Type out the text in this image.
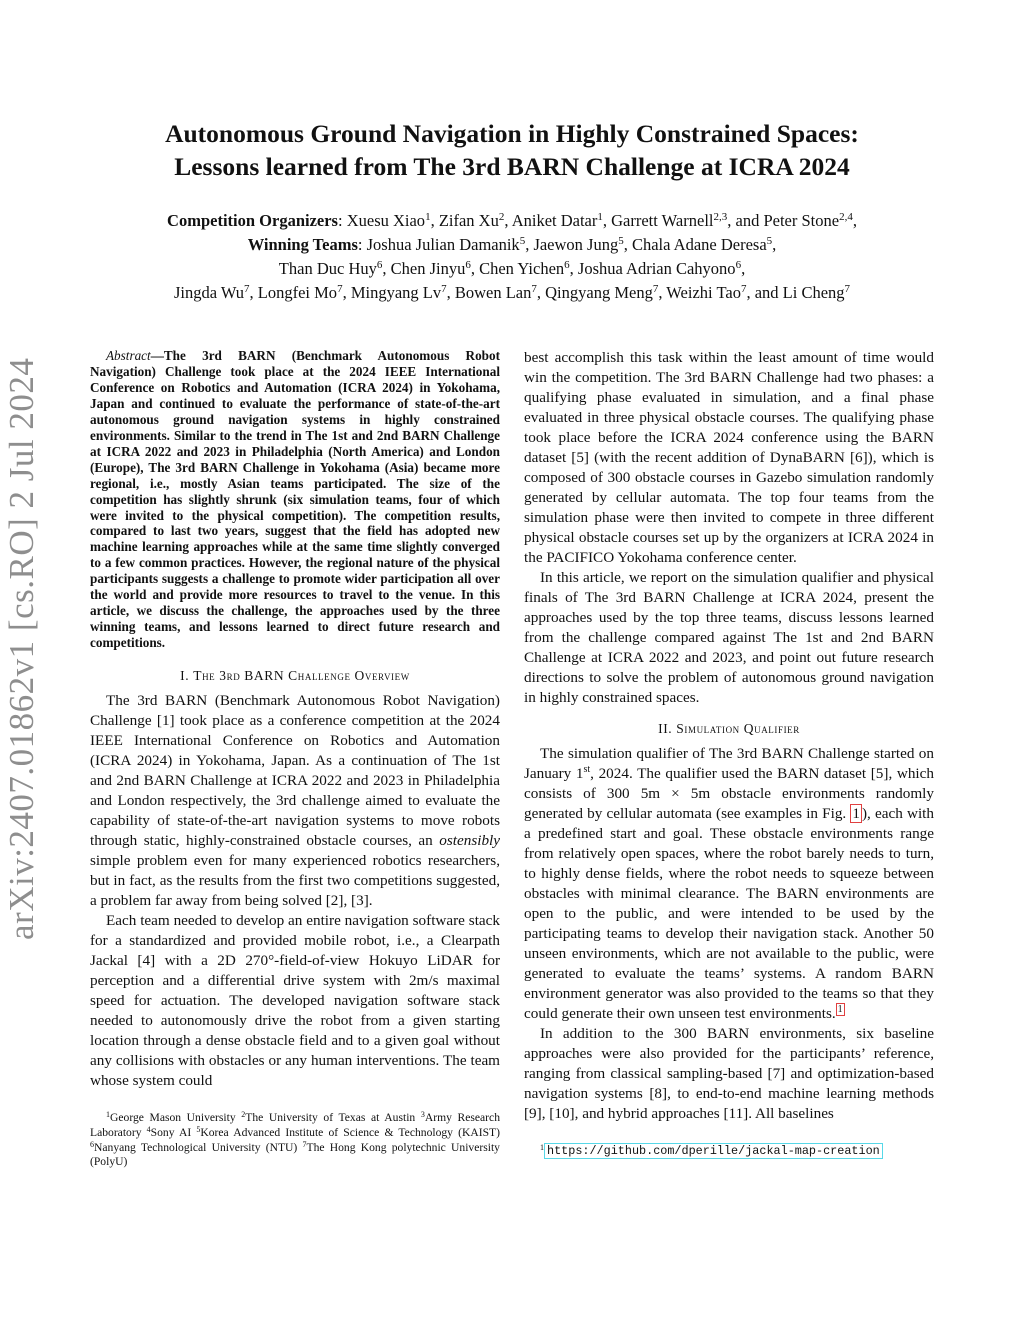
arXiv:2407.01862v1 [cs.RO] 2 Jul 2024
Autonomous Ground Navigation in Highly Constrained Spaces:
Lessons learned from The 3rd BARN Challenge at ICRA 2024
Competition Organizers: Xuesu Xiao$^1$, Zifan Xu$^2$, Aniket Datar$^1$, Garrett Warnell$^{2,3}$, and Peter Stone$^{2,4}$,
Winning Teams: Joshua Julian Damanik$^5$, Jaewon Jung$^5$, Chala Adane Deresa$^5$,
Than Duc Huy$^6$, Chen Jinyu$^6$, Chen Yichen$^6$, Joshua Adrian Cahyono$^6$,
Jingda Wu$^7$, Longfei Mo$^7$, Mingyang Lv$^7$, Bowen Lan$^7$, Qingyang Meng$^7$, Weizhi Tao$^7$, and Li Cheng$^7$

Abstract—The 3rd BARN (Benchmark Autonomous Robot Navigation) Challenge took place at the 2024 IEEE International Conference on Robotics and Automation (ICRA 2024) in Yokohama, Japan and continued to evaluate the performance of state-of-the-art autonomous ground navigation systems in highly constrained environments. Similar to the trend in The 1st and 2nd BARN Challenge at ICRA 2022 and 2023 in Philadelphia (North America) and London (Europe), The 3rd BARN Challenge in Yokohama (Asia) became more regional, i.e., mostly Asian teams participated. The size of the competition has slightly shrunk (six simulation teams, four of which were invited to the physical competition). The competition results, compared to last two years, suggest that the field has adopted new machine learning approaches while at the same time slightly converged to a few common practices. However, the regional nature of the physical participants suggests a challenge to promote wider participation all over the world and provide more resources to travel to the venue. In this article, we discuss the challenge, the approaches used by the three winning teams, and lessons learned to direct future research and competitions.

I. The 3rd BARN Challenge Overview

The 3rd BARN (Benchmark Autonomous Robot Navigation) Challenge [1] took place as a conference competition at the 2024 IEEE International Conference on Robotics and Automation (ICRA 2024) in Yokohama, Japan. As a continuation of The 1st and 2nd BARN Challenge at ICRA 2022 and 2023 in Philadelphia and London respectively, the 3rd challenge aimed to evaluate the capability of state-of-the-art navigation systems to move robots through static, highly-constrained obstacle courses, an ostensibly simple problem even for many experienced robotics researchers, but in fact, as the results from the first two competitions suggested, a problem far away from being solved [2], [3].

Each team needed to develop an entire navigation software stack for a standardized and provided mobile robot, i.e., a Clearpath Jackal [4] with a 2D 270°-field-of-view Hokuyo LiDAR for perception and a differential drive system with 2m/s maximal speed for actuation. The developed navigation software stack needed to autonomously drive the robot from a given starting location through a dense obstacle field and to a given goal without any collisions with obstacles or any human interventions. The team whose system could

$^1$George Mason University $^2$The University of Texas at Austin $^3$Army Research Laboratory $^4$Sony AI $^5$Korea Advanced Institute of Science & Technology (KAIST) $^6$Nanyang Technological University (NTU) $^7$The Hong Kong polytechnic University (PolyU)

best accomplish this task within the least amount of time would win the competition. The 3rd BARN Challenge had two phases: a qualifying phase evaluated in simulation, and a final phase evaluated in three physical obstacle courses. The qualifying phase took place before the ICRA 2024 conference using the BARN dataset [5] (with the recent addition of DynaBARN [6]), which is composed of 300 obstacle courses in Gazebo simulation randomly generated by cellular automata. The top four teams from the simulation phase were then invited to compete in three different physical obstacle courses set up by the organizers at ICRA 2024 in the PACIFICO Yokohama conference center.

In this article, we report on the simulation qualifier and physical finals of The 3rd BARN Challenge at ICRA 2024, present the approaches used by the top three teams, discuss lessons learned from the challenge compared against The 1st and 2nd BARN Challenge at ICRA 2022 and 2023, and point out future research directions to solve the problem of autonomous ground navigation in highly constrained spaces.

II. Simulation Qualifier

The simulation qualifier of The 3rd BARN Challenge started on January 1st, 2024. The qualifier used the BARN dataset [5], which consists of 300 5m × 5m obstacle environments randomly generated by cellular automata (see examples in Fig. 1 ), each with a predefined start and goal. These obstacle environments range from relatively open spaces, where the robot barely needs to turn, to highly dense fields, where the robot needs to squeeze between obstacles with minimal clearance. The BARN environments are open to the public, and were intended to be used by the participating teams to develop their navigation stack. Another 50 unseen environments, which are not available to the public, were generated to evaluate the teams’ systems. A random BARN environment generator was also provided to the teams so that they could generate their own unseen test environments. $^1$

In addition to the 300 BARN environments, six baseline approaches were also provided for the participants’ reference, ranging from classical sampling-based [7] and optimization-based navigation systems [8], to end-to-end machine learning methods [9], [10], and hybrid approaches [11]. All baselines

$^1$ https://github.com/dperille/jackal-map-creation
